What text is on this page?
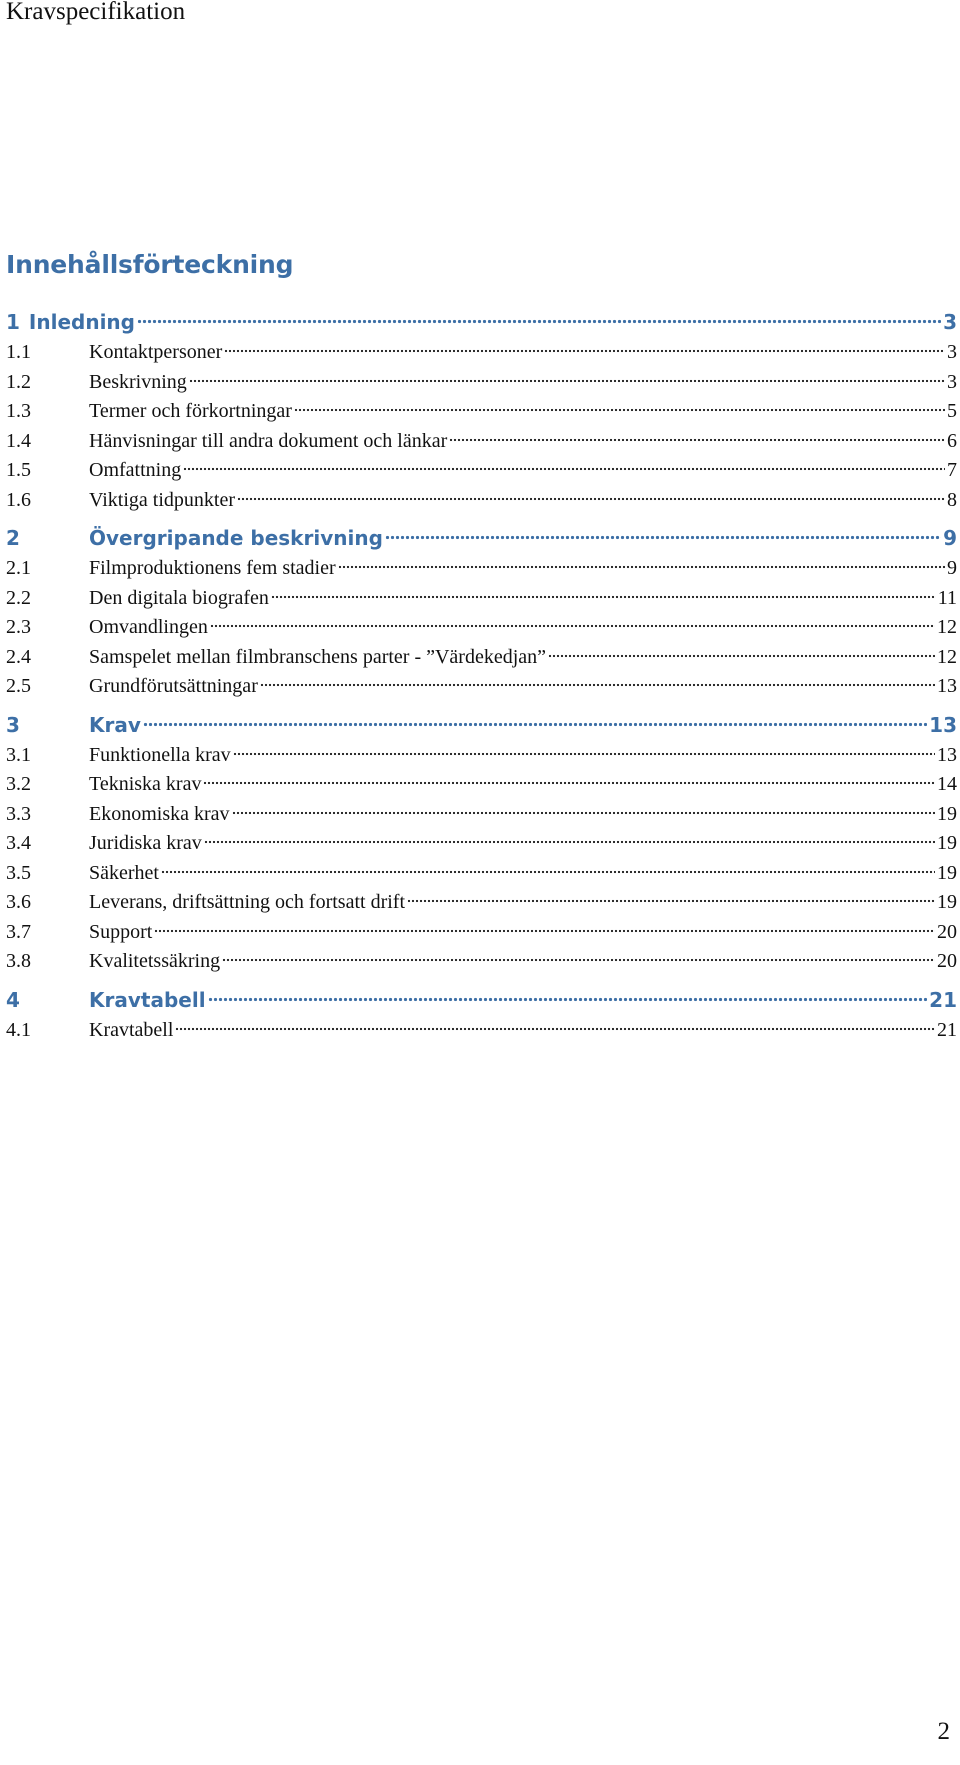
Kravspecifikation
Innehållsförteckning
1 Inledning	3
1.1	Kontaktpersoner	3
1.2	Beskrivning	3
1.3	Termer och förkortningar	5
1.4	Hänvisningar till andra dokument och länkar	6
1.5	Omfattning	7
1.6	Viktiga tidpunkter	8
2	Övergripande beskrivning	9
2.1	Filmproduktionens fem stadier	9
2.2	Den digitala biografen	11
2.3	Omvandlingen	12
2.4	Samspelet mellan filmbranschens parter - ”Värdekedjan”	12
2.5	Grundförutsättningar	13
3	Krav	13
3.1	Funktionella krav	13
3.2	Tekniska krav	14
3.3	Ekonomiska krav	19
3.4	Juridiska krav	19
3.5	Säkerhet	19
3.6	Leverans, driftsättning och fortsatt drift	19
3.7	Support	20
3.8	Kvalitetssäkring	20
4	Kravtabell	21
4.1	Kravtabell	21
2
